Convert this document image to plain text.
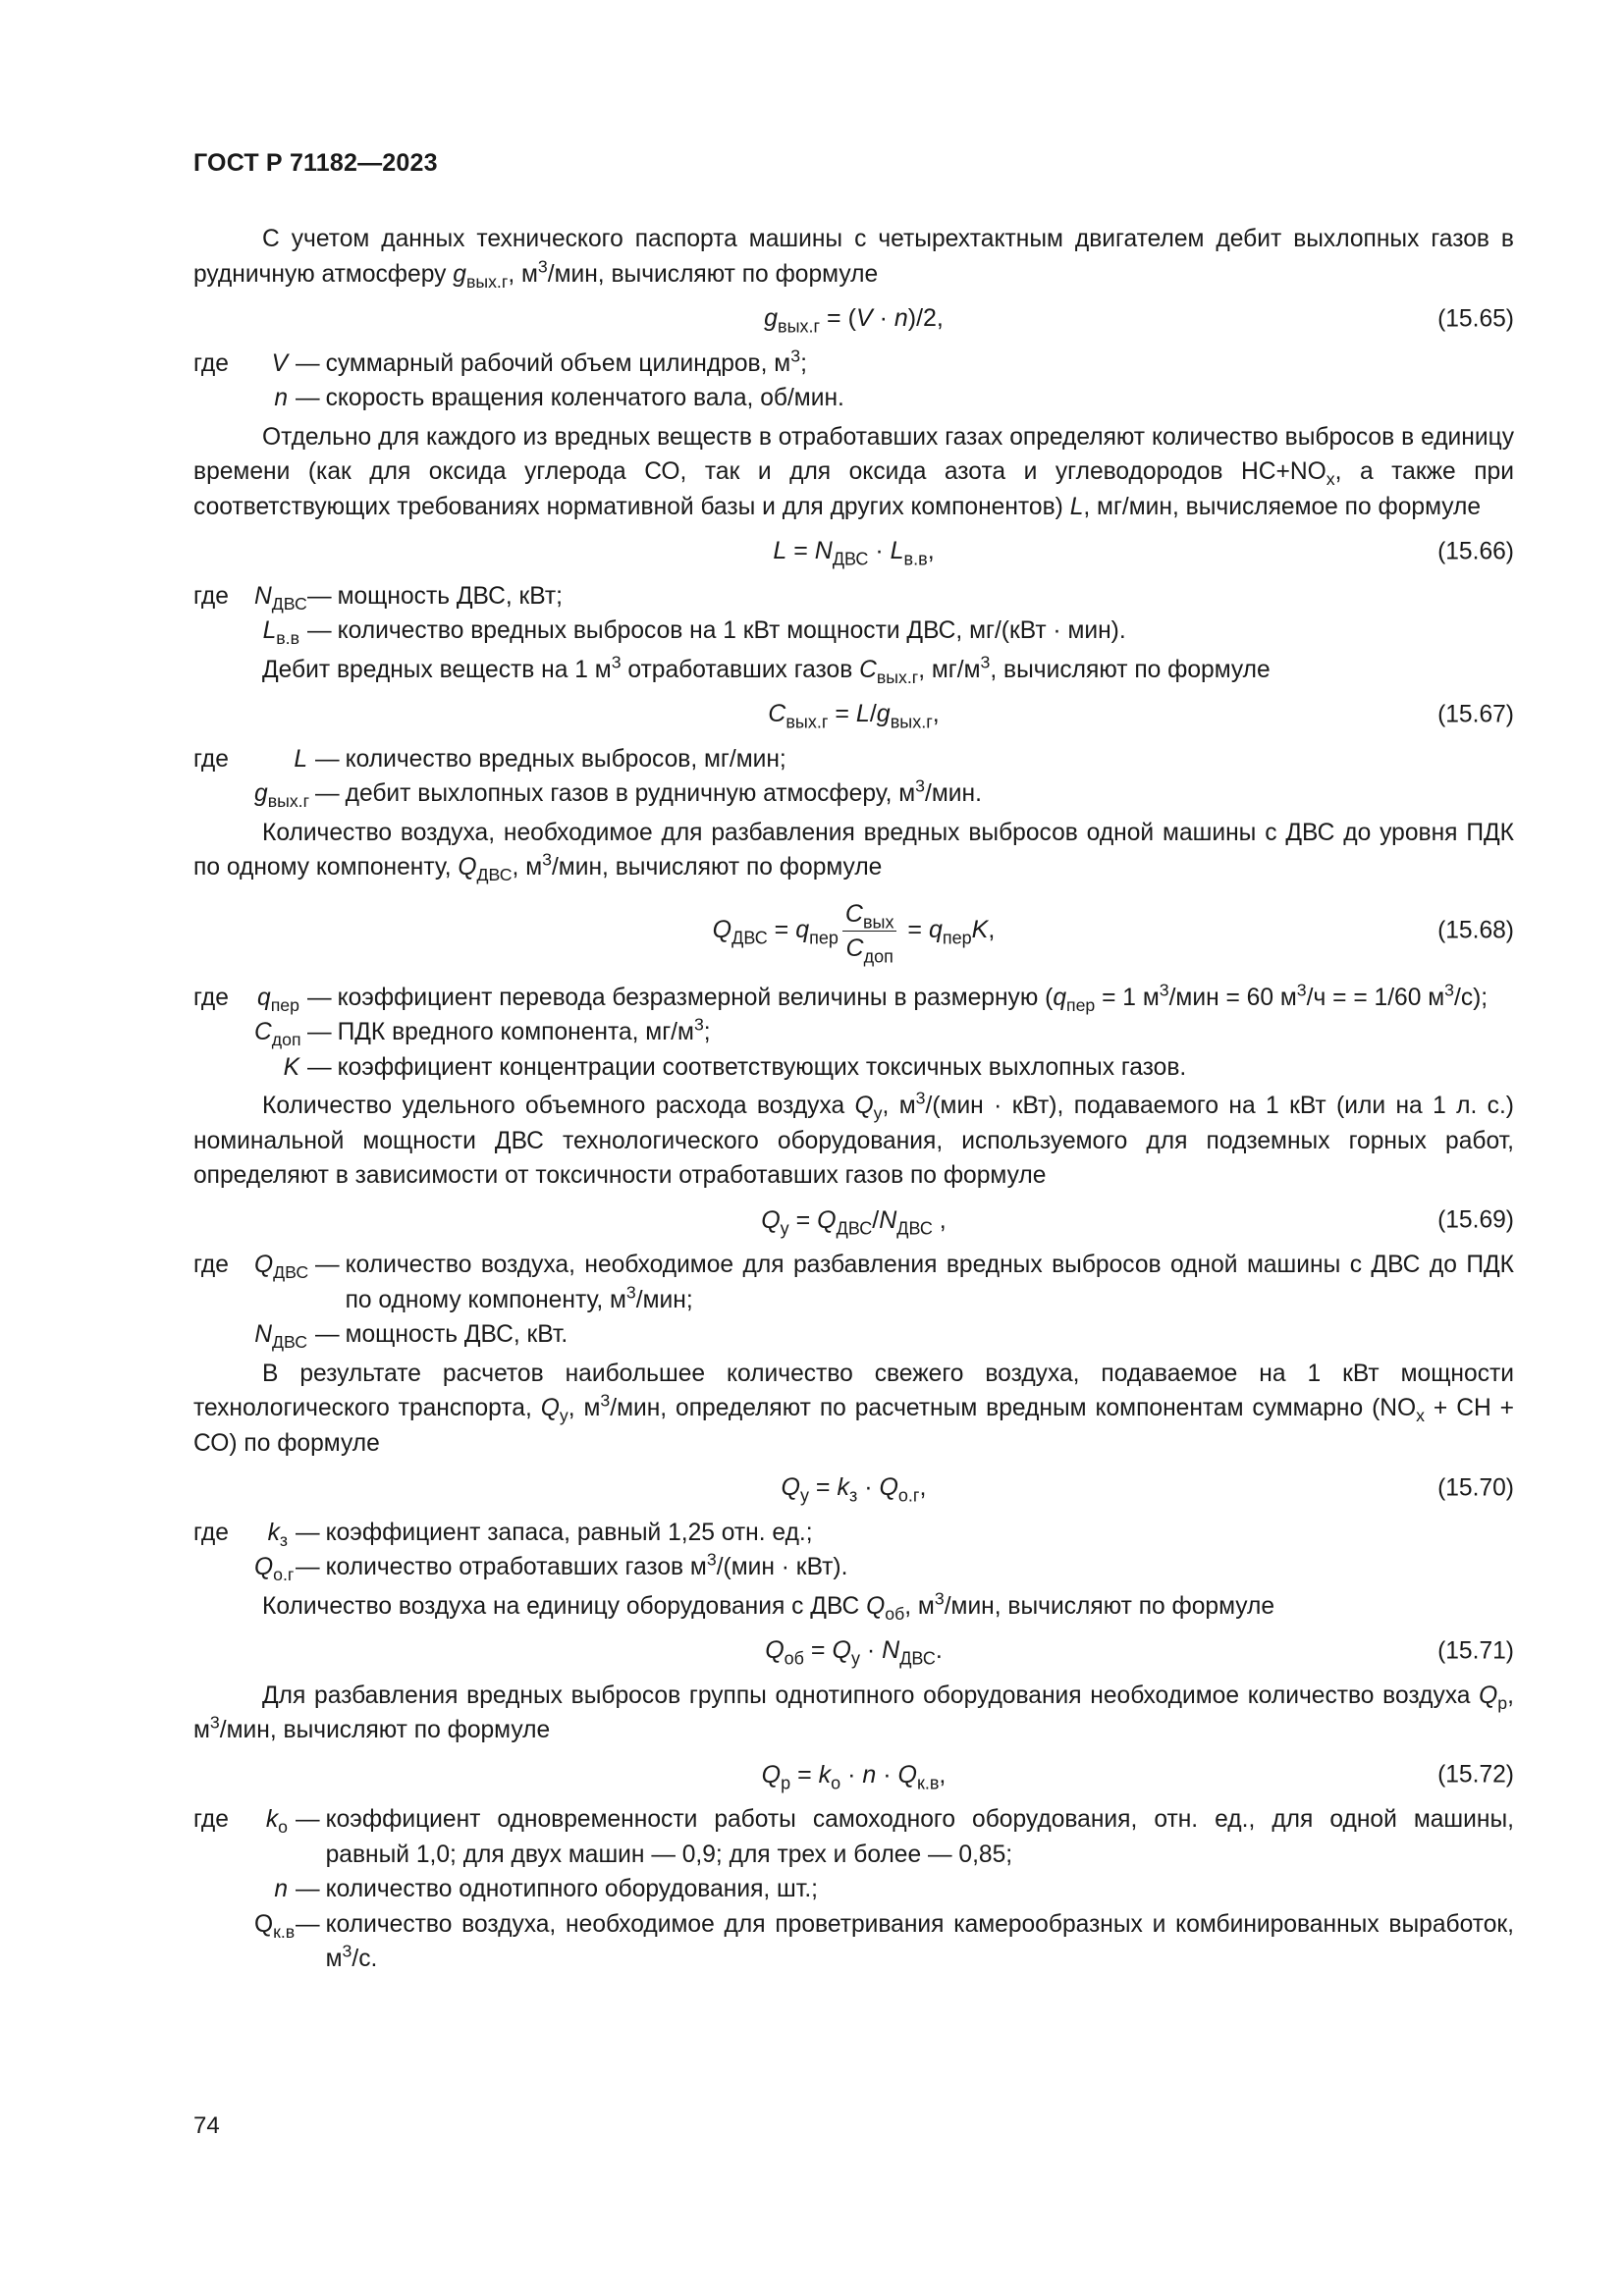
ГОСТ Р 71182—2023

С учетом данных технического паспорта машины с четырехтактным двигателем дебит выхлопных газов в рудничную атмосферу $g_{вых.г}$, $м^3$/мин, вычисляют по формуле

$g_{вых.г} = (V \cdot n)/2$,	(15.65)
где	V — суммарный рабочий объем цилиндров, $м^3$;
n — скорость вращения коленчатого вала, об/мин.

Отдельно для каждого из вредных веществ в отработавших газах определяют количество выбросов в единицу времени (как для оксида углерода СО, так и для оксида азота и углеводородов $НС+NO_x$, а также при соответствующих требованиях нормативной базы и для других компонентов) L, мг/мин, вычисляемое по формуле

$L = N_{ДВС} \cdot L_{в.в}$,	(15.66)
где	$N_{ДВС}$ — мощность ДВС, кВт;
$L_{в.в}$ — количество вредных выбросов на 1 кВт мощности ДВС, мг/(кВт · мин).

Дебит вредных веществ на 1 $м^3$ отработавших газов $C_{вых.г}$, $мг/м^3$, вычисляют по формуле

$C_{вых.г} = L/g_{вых.г}$,	(15.67)
где	L — количество вредных выбросов, мг/мин;
$g_{вых.г}$ — дебит выхлопных газов в рудничную атмосферу, $м^3$/мин.

Количество воздуха, необходимое для разбавления вредных выбросов одной машины с ДВС до уровня ПДК по одному компоненту, $Q_{ДВС}$, $м^3$/мин, вычисляют по формуле

$Q_{ДВС} = q_{пер} \frac{C_{вых}}{C_{доп}} = q_{пер}K$,	(15.68)
где	$q_{пер}$ — коэффициент перевода безразмерной величины в размерную ($q_{пер} = 1$ $м^3$/мин = 60 $м^3/ч$ = = 1/60 $м^3/с$);
$C_{доп}$ — ПДК вредного компонента, $мг/м^3$;
K — коэффициент концентрации соответствующих токсичных выхлопных газов.

Количество удельного объемного расхода воздуха $Q_у$, $м^3/(мин \cdot кВт)$, подаваемого на 1 кВт (или на 1 л. с.) номинальной мощности ДВС технологического оборудования, используемого для подземных горных работ, определяют в зависимости от токсичности отработавших газов по формуле

$Q_у = Q_{ДВС}/N_{ДВС}$ ,	(15.69)
где	$Q_{ДВС}$ — количество воздуха, необходимое для разбавления вредных выбросов одной машины с ДВС до ПДК по одному компоненту, $м^3$/мин;
$N_{ДВС}$ — мощность ДВС, кВт.

В результате расчетов наибольшее количество свежего воздуха, подаваемое на 1 кВт мощности технологического транспорта, $Q_у$, $м^3$/мин, определяют по расчетным вредным компонентам суммарно ($NO_x$ + СН + СО) по формуле

$Q_у = k_з \cdot Q_{о.г}$,	(15.70)
где	$k_з$ — коэффициент запаса, равный 1,25 отн. ед.;
$Q_{о.г}$ — количество отработавших газов $м^3/(мин \cdot кВт)$.

Количество воздуха на единицу оборудования с ДВС $Q_{об}$, $м^3$/мин, вычисляют по формуле

$Q_{об} = Q_у \cdot N_{ДВС}$.	(15.71)

Для разбавления вредных выбросов группы однотипного оборудования необходимое количество воздуха $Q_р$, $м^3$/мин, вычисляют по формуле

$Q_р = k_о \cdot n \cdot Q_{к.в}$,	(15.72)
где	$k_о$ — коэффициент одновременности работы самоходного оборудования, отн. ед., для одной машины, равный 1,0; для двух машин — 0,9; для трех и более — 0,85;
n — количество однотипного оборудования, шт.;
$Q_{к.в}$ — количество воздуха, необходимое для проветривания камерообразных и комбинированных выработок, $м^3/с$.
74
